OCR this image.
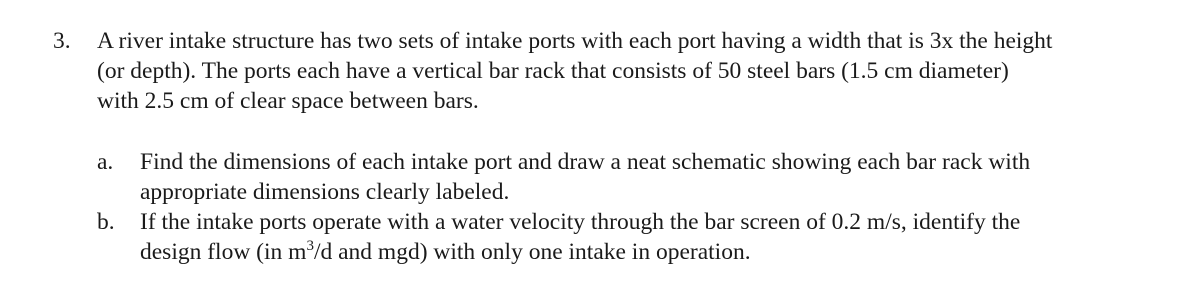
3. A river intake structure has two sets of intake ports with each port having a width that is 3x the height
(or depth). The ports each have a vertical bar rack that consists of 50 steel bars (1.5 cm diameter)
with 2.5 cm of clear space between bars.
a. Find the dimensions of each intake port and draw a neat schematic showing each bar rack with
appropriate dimensions clearly labeled.
b. If the intake ports operate with a water velocity through the bar screen of 0.2 m/s, identify the
design flow (in $m^3/d$ and mgd) with only one intake in operation.
